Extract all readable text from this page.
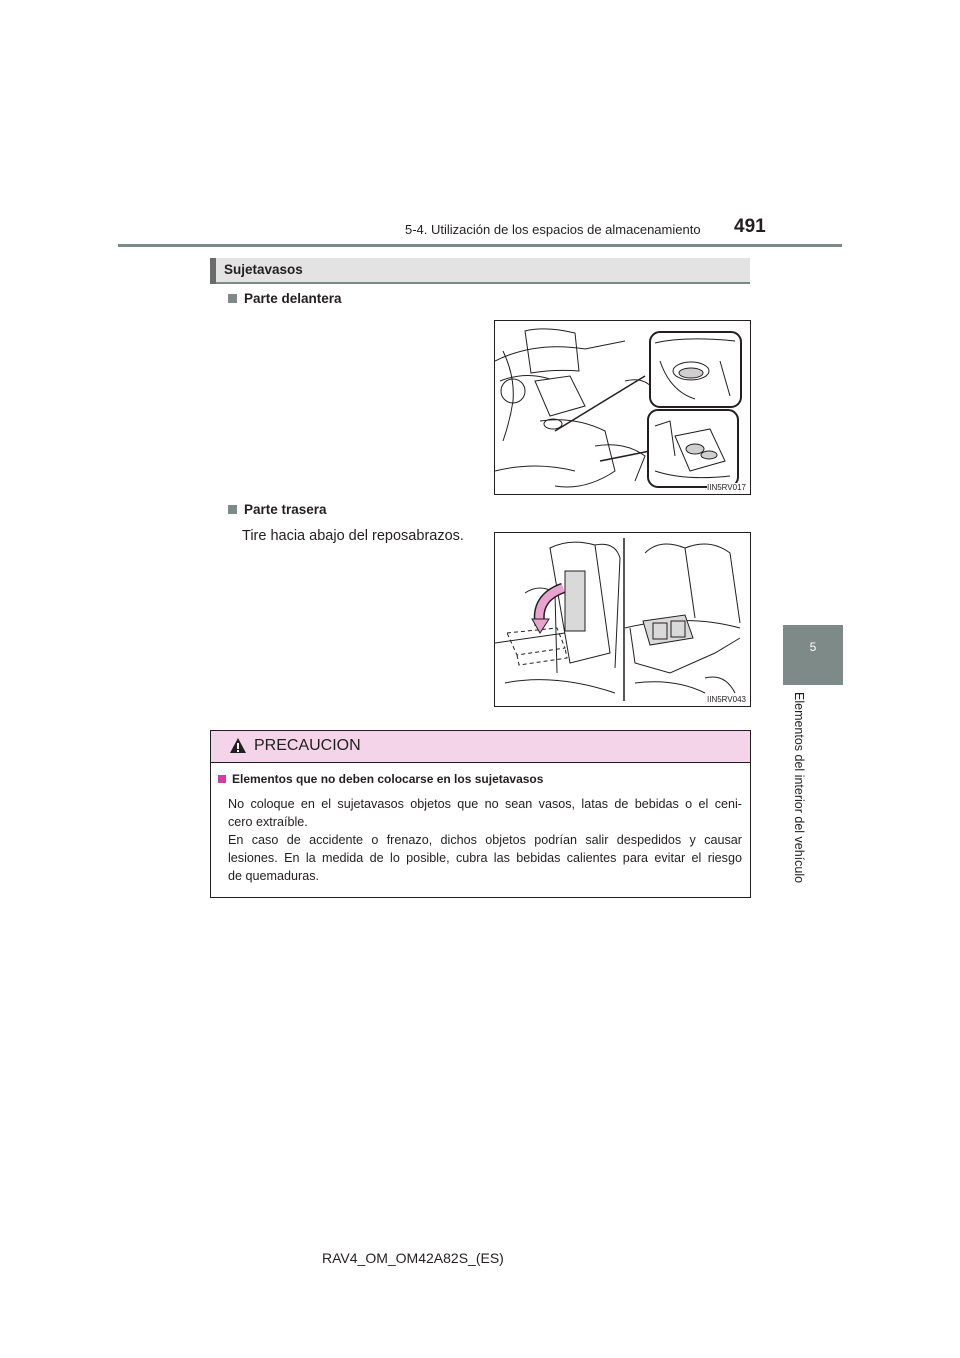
5-4. Utilización de los espacios de almacenamiento 491
5
Elementos del interior del vehículo
Sujetavasos
Parte delantera
IIN5RV017
Parte trasera
Tire hacia abajo del reposabrazos.
IIN5RV043
PRECAUCION
Elementos que no deben colocarse en los sujetavasos
No coloque en el sujetavasos objetos que no sean vasos, latas de bebidas o el ceni-
cero extraíble.
En caso de accidente o frenazo, dichos objetos podrían salir despedidos y causar
lesiones. En la medida de lo posible, cubra las bebidas calientes para evitar el riesgo
de quemaduras.
RAV4_OM_OM42A82S_(ES)
